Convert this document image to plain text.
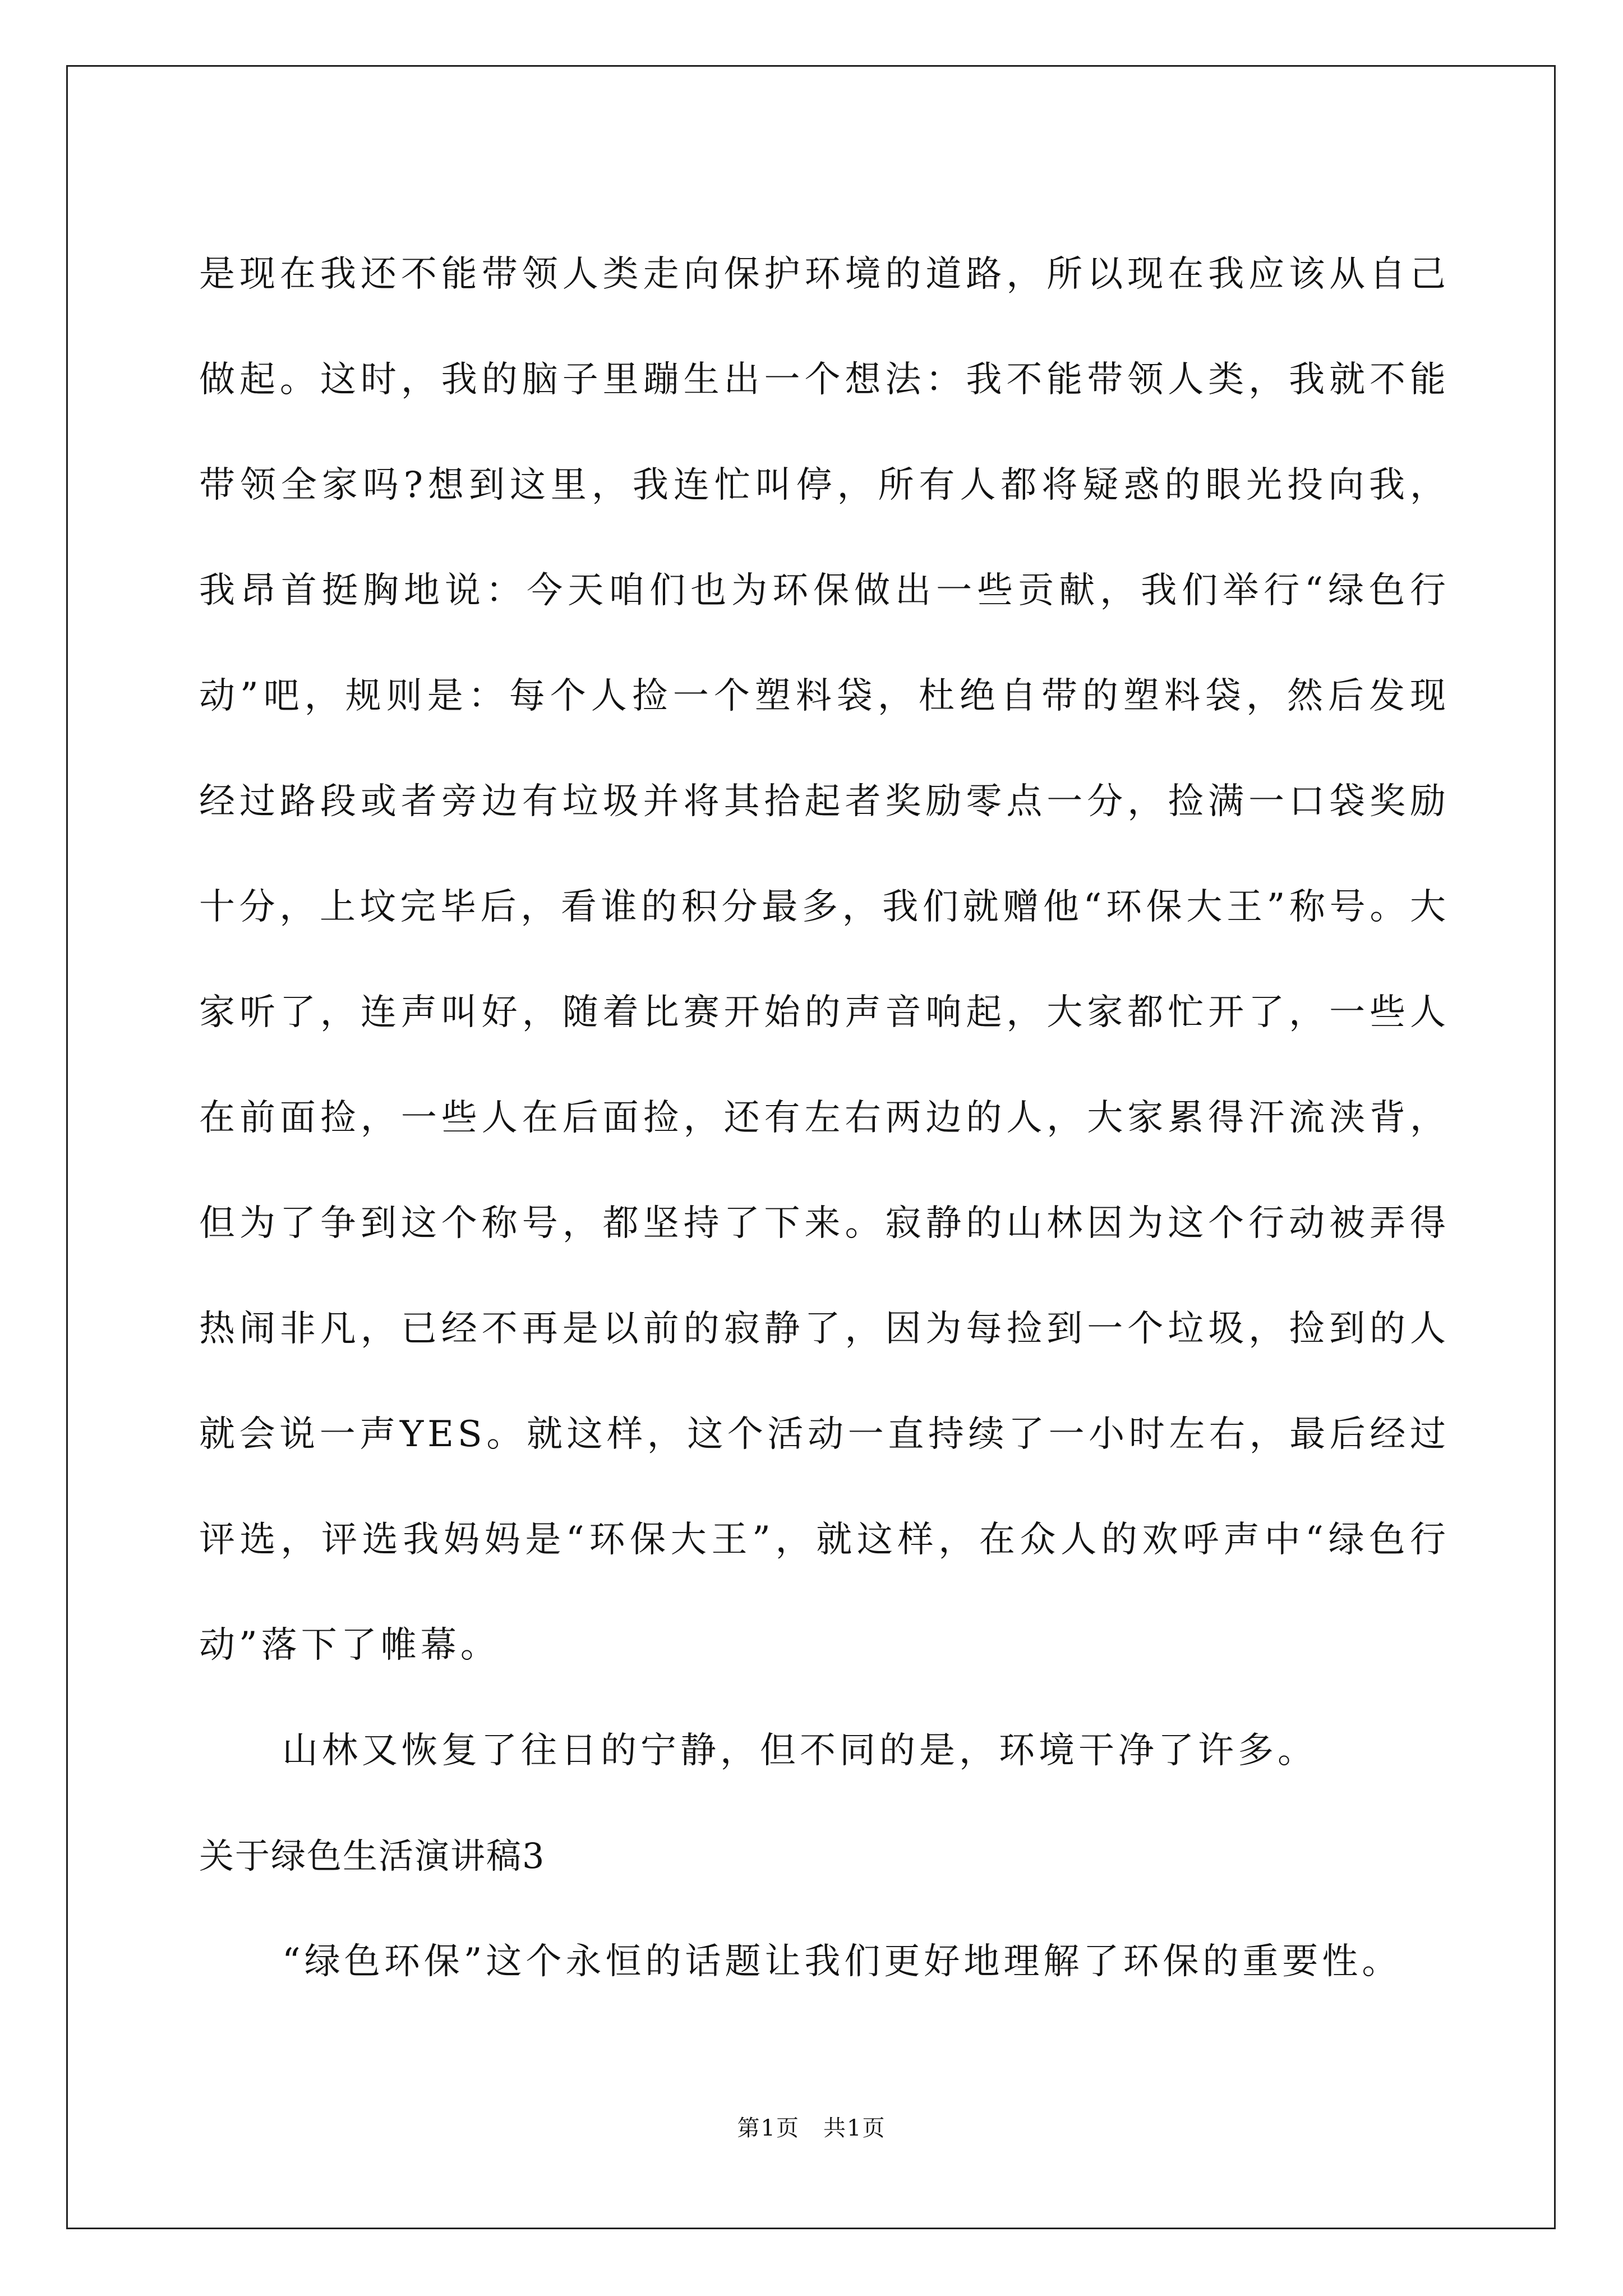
是现在我还不能带领人类走向保护环境的道路，所以现在我应该从自己做起。这时，我的脑子里蹦生出一个想法：我不能带领人类，我就不能带领全家吗?想到这里，我连忙叫停，所有人都将疑惑的眼光投向我，我昂首挺胸地说：今天咱们也为环保做出一些贡献，我们举行“绿色行动”吧，规则是：每个人捡一个塑料袋，杜绝自带的塑料袋，然后发现经过路段或者旁边有垃圾并将其拾起者奖励零点一分，捡满一口袋奖励十分，上坟完毕后，看谁的积分最多，我们就赠他“环保大王”称号。大家听了，连声叫好，随着比赛开始的声音响起，大家都忙开了，一些人在前面捡，一些人在后面捡，还有左右两边的人，大家累得汗流浃背，但为了争到这个称号，都坚持了下来。寂静的山林因为这个行动被弄得热闹非凡，已经不再是以前的寂静了，因为每捡到一个垃圾，捡到的人就会说一声YES。就这样，这个活动一直持续了一小时左右，最后经过评选，评选我妈妈是“环保大王”，就这样，在众人的欢呼声中“绿色行动”落下了帷幕。

山林又恢复了往日的宁静，但不同的是，环境干净了许多。

关于绿色生活演讲稿3

“绿色环保”这个永恒的话题让我们更好地理解了环保的重要性。

第1页　共1页
